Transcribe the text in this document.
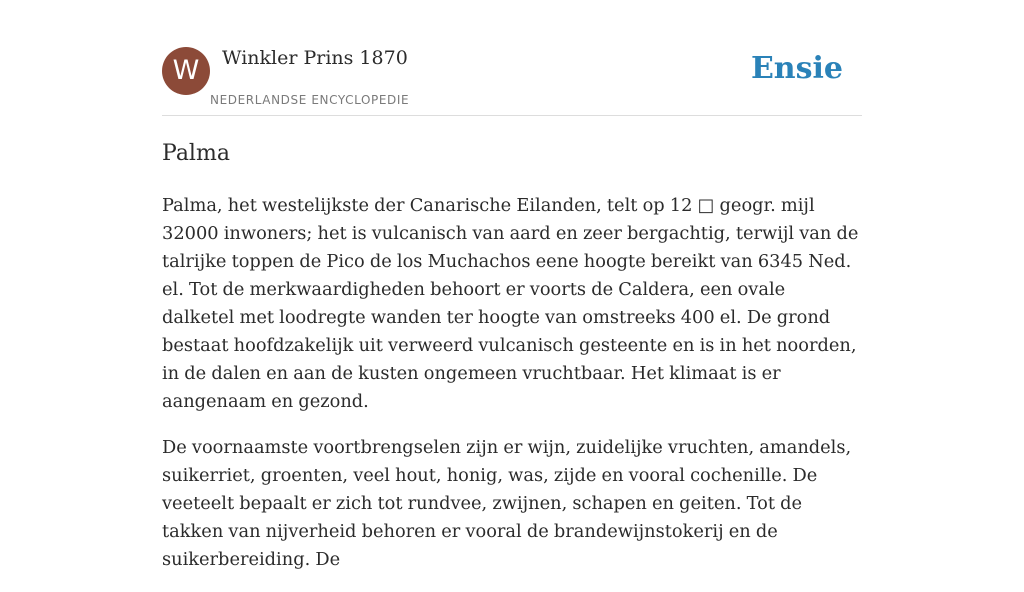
W	Winkler Prins 1870
NEDERLANDSE ENCYCLOPEDIE
Ensie
Palma

Palma, het westelijkste der Canarische Eilanden, telt op 12 □ geogr. mijl 32000 inwoners; het is vulcanisch van aard en zeer bergachtig, terwijl van de talrijke toppen de Pico de los Muchachos eene hoogte bereikt van 6345 Ned. el. Tot de merkwaardigheden behoort er voorts de Caldera, een ovale dalketel met loodregte wanden ter hoogte van omstreeks 400 el. De grond bestaat hoofdzakelijk uit verweerd vulcanisch gesteente en is in het noorden, in de dalen en aan de kusten ongemeen vruchtbaar. Het klimaat is er aangenaam en gezond.

De voornaamste voortbrengselen zijn er wijn, zuidelijke vruchten, amandels, suikerriet, groenten, veel hout, honig, was, zijde en vooral cochenille. De veeteelt bepaalt er zich tot rundvee, zwijnen, schapen en geiten. Tot de takken van nijverheid behoren er vooral de brandewijnstokerij en de suikerbereiding. De
